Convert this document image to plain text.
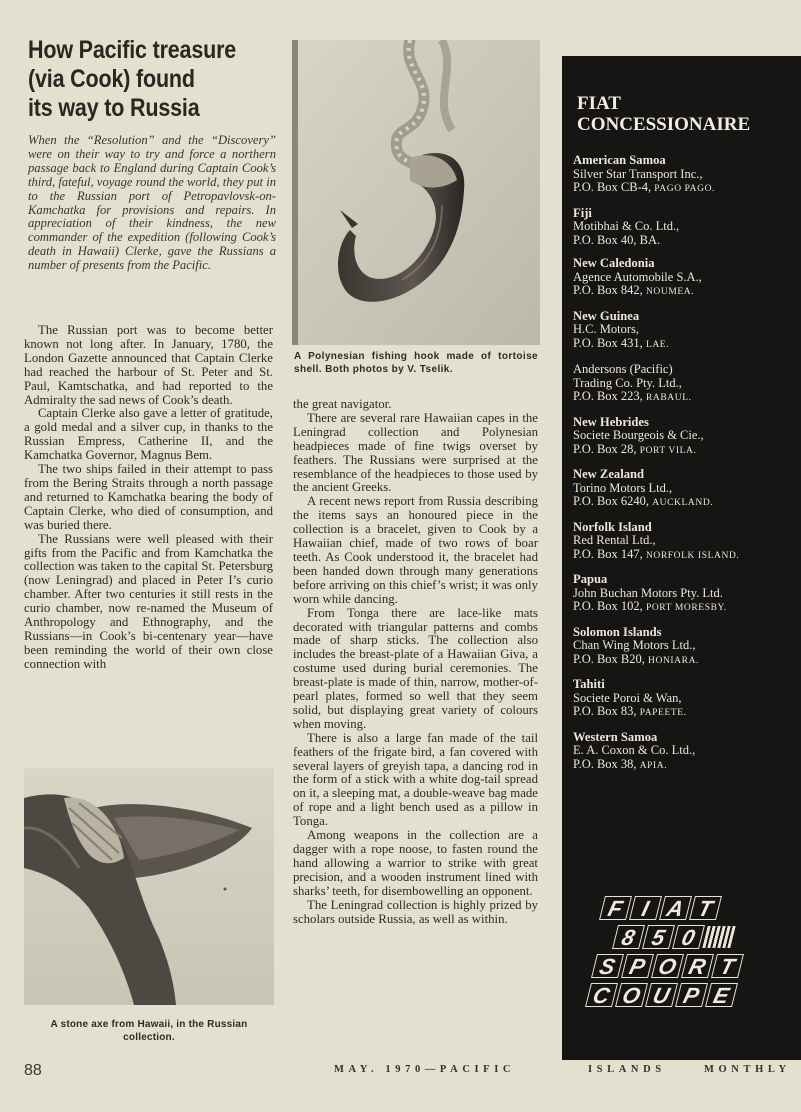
How Pacific treasure
(via Cook) found
its way to Russia
When the “Resolution” and the “Discovery” were on their way to try and force a northern passage back to England during Captain Cook’s third, fateful, voyage round the world, they put in to the Russian port of Petropavlovsk-on-Kamchatka for provisions and repairs. In appreciation of their kindness, the new commander of the expedition (following Cook’s death in Hawaii) Clerke, gave the Russians a number of presents from the Pacific.

The Russian port was to become better known not long after. In January, 1780, the London Gazette announced that Captain Clerke had reached the harbour of St. Peter and St. Paul, Kamtschatka, and had reported to the Admiralty the sad news of Cook’s death.

Captain Clerke also gave a letter of gratitude, a gold medal and a silver cup, in thanks to the Russian Empress, Catherine II, and the Kamchatka Governor, Magnus Bem.

The two ships failed in their attempt to pass from the Bering Straits through a north passage and returned to Kamchatka bearing the body of Captain Clerke, who died of consumption, and was buried there.

The Russians were well pleased with their gifts from the Pacific and from Kamchatka the collection was taken to the capital St. Petersburg (now Leningrad) and placed in Peter I’s curio chamber. After two centuries it still rests in the curio chamber, now re-named the Museum of Anthropology and Ethnography, and the Russians—in Cook’s bi-centenary year—have been reminding the world of their own close connection with

A Polynesian fishing hook made of tortoise shell. Both photos by V. Tselik.

the great navigator.

There are several rare Hawaiian capes in the Leningrad collection and Polynesian headpieces made of fine twigs overset by feathers. The Russians were surprised at the resemblance of the headpieces to those used by the ancient Greeks.

A recent news report from Russia describing the items says an honoured piece in the collection is a bracelet, given to Cook by a Hawaiian chief, made of two rows of boar teeth. As Cook understood it, the bracelet had been handed down through many generations before arriving on this chief’s wrist; it was only worn while dancing.

From Tonga there are lace-like mats decorated with triangular patterns and combs made of sharp sticks. The collection also includes the breast-plate of a Hawaiian Giva, a costume used during burial ceremonies. The breast-plate is made of thin, narrow, mother-of-pearl plates, formed so well that they seem solid, but displaying great variety of colours when moving.

There is also a large fan made of the tail feathers of the frigate bird, a fan covered with several layers of greyish tapa, a dancing rod in the form of a stick with a white dog-tail spread on it, a sleeping mat, a double-weave bag made of rope and a light bench used as a pillow in Tonga.

Among weapons in the collection are a dagger with a rope noose, to fasten round the hand allowing a warrior to strike with great precision, and a wooden instrument lined with sharks’ teeth, for disembowelling an opponent.

The Leningrad collection is highly prized by scholars outside Russia, as well as within.

A stone axe from Hawaii, in the Russian collection.
FIAT
CONCESSIONAIRE
American Samoa
Silver Star Transport Inc.,
P.O. Box CB-4, PAGO PAGO.
Fiji
Motibhai & Co. Ltd.,
P.O. Box 40, BA.
New Caledonia
Agence Automobile S.A.,
P.O. Box 842, NOUMEA.
New Guinea
H.C. Motors,
P.O. Box 431, LAE.
Andersons (Pacific)
Trading Co. Pty. Ltd.,
P.O. Box 223, RABAUL.
New Hebrides
Societe Bourgeois & Cie.,
P.O. Box 28, PORT VILA.
New Zealand
Torino Motors Ltd.,
P.O. Box 6240, AUCKLAND.
Norfolk Island
Red Rental Ltd.,
P.O. Box 147, NORFOLK ISLAND.
Papua
John Buchan Motors Pty. Ltd.
P.O. Box 102, PORT MORESBY.
Solomon Islands
Chan Wing Motors Ltd.,
P.O. Box B20, HONIARA.
Tahiti
Societe Poroi & Wan,
P.O. Box 83, PAPEETE.
Western Samoa
E. A. Coxon & Co. Ltd.,
P.O. Box 38, APIA.
F I A T
8 5 0
S P O R T
C O U P E
88	MAY. 1970—PACIFIC	ISLANDS	MONTHLY
